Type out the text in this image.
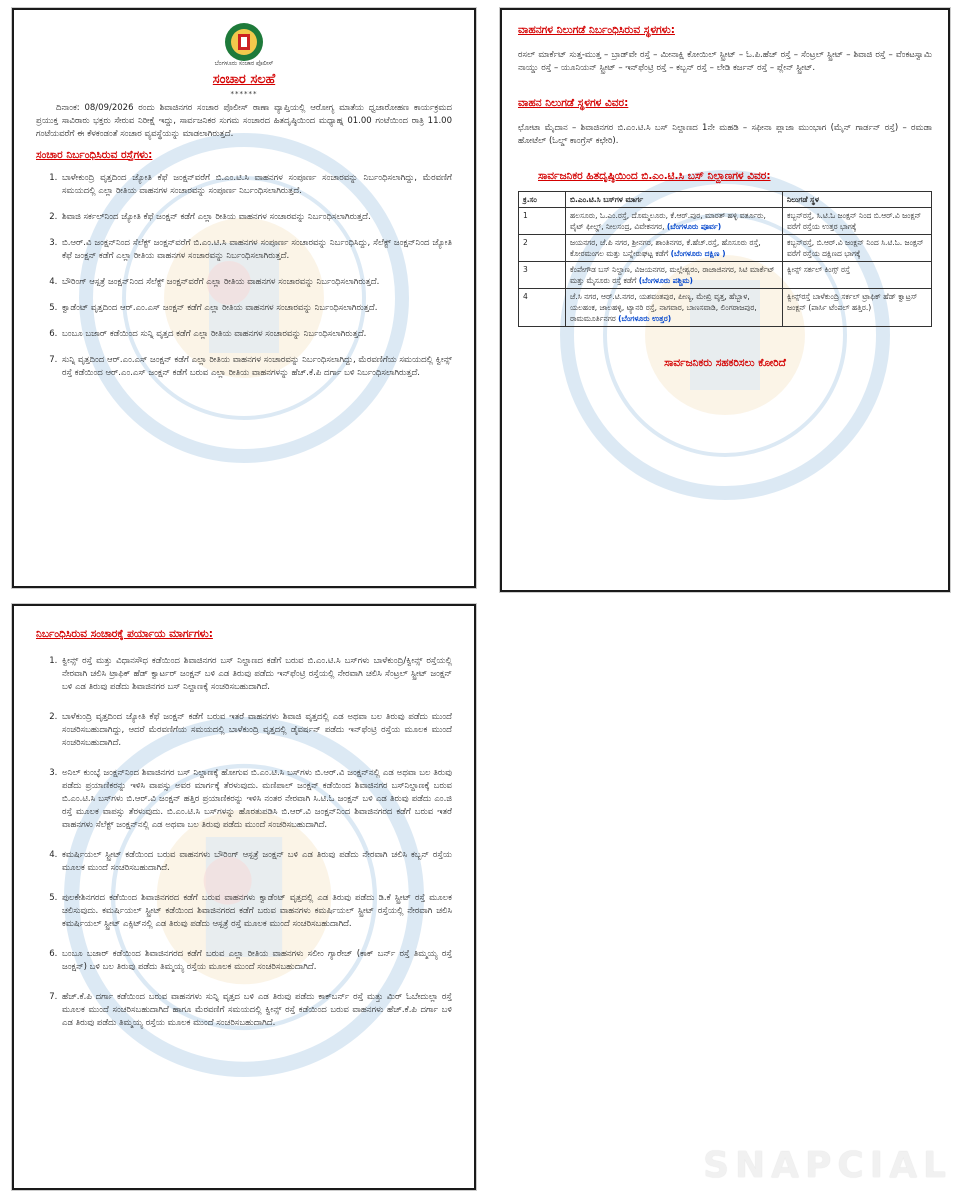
ಬೆಂಗಳೂರು ಸಂಚಾರ ಪೊಲೀಸ್
ಸಂಚಾರ ಸಲಹೆ
******

ದಿನಾಂಕ: 08/09/2026 ರಂದು ಶಿವಾಜಿನಗರ ಸಂಚಾರ ಪೊಲೀಸ್ ಠಾಣಾ ವ್ಯಾಪ್ತಿಯಲ್ಲಿ ಆರೋಗ್ಯ ಮಾತೆಯ ಧ್ವಜಾರೋಹಣ ಕಾರ್ಯಕ್ರಮದ ಪ್ರಯುಕ್ತ ಸಾವಿರಾರು ಭಕ್ತರು ಸೇರುವ ನಿರೀಕ್ಷೆ ಇದ್ದು, ಸಾರ್ವಜನಿಕರ ಸುಗಮ ಸಂಚಾರದ ಹಿತದೃಷ್ಠಿಯಿಂದ ಮಧ್ಯಾಹ್ನ 01.00 ಗಂಟೆಯಿಂದ ರಾತ್ರಿ 11.00 ಗಂಟೆಯವರೆಗೆ ಈ ಕೆಳಕಂಡಂತೆ ಸಂಚಾರ ವ್ಯವಸ್ಥೆಯನ್ನು ಮಾಡಲಾಗಿರುತ್ತದೆ.

ಸಂಚಾರ ನಿರ್ಬಂಧಿಸಿರುವ ರಸ್ತೆಗಳು:
1. ಬಾಳೇಕುಂದ್ರಿ ವೃತ್ತದಿಂದ ಜ್ಯೋತಿ ಕೆಫೆ ಜಂಕ್ಷನ್‌ವರೆಗೆ ಬಿ.ಎಂ.ಟಿ.ಸಿ ವಾಹನಗಳ ಸಂಪೂರ್ಣ ಸಂಚಾರವನ್ನು ನಿರ್ಬಂಧಿಸಲಾಗಿದ್ದು, ಮೆರವಣಿಗೆ ಸಮಯದಲ್ಲಿ ಎಲ್ಲಾ ರೀತಿಯ ವಾಹನಗಳ ಸಂಚಾರವನ್ನು ಸಂಪೂರ್ಣ ನಿರ್ಬಂಧಿಸಲಾಗಿರುತ್ತದೆ.
2. ಶಿವಾಜಿ ಸರ್ಕಲ್‌ನಿಂದ ಜ್ಯೋತಿ ಕೆಫೆ ಜಂಕ್ಷನ್ ಕಡೆಗೆ ಎಲ್ಲಾ ರೀತಿಯ ವಾಹನಗಳ ಸಂಚಾರವನ್ನು ನಿರ್ಬಂಧಿಸಲಾಗಿರುತ್ತದೆ.
3. ಬಿ.ಆರ್.ವಿ ಜಂಕ್ಷನ್‌ನಿಂದ ಸೆಲೆಕ್ಟ್ ಜಂಕ್ಷನ್‌ವರೆಗೆ ಬಿ.ಎಂ.ಟಿ.ಸಿ ವಾಹನಗಳ ಸಂಪೂರ್ಣ ಸಂಚಾರವನ್ನು ನಿರ್ಬಂಧಿಸಿದ್ದು, ಸೆಲೆಕ್ಟ್ ಜಂಕ್ಷನ್‌ನಿಂದ ಜ್ಯೋತಿ ಕೆಫೆ ಜಂಕ್ಷನ್ ಕಡೆಗೆ ಎಲ್ಲಾ ರೀತಿಯ ವಾಹನಗಳ ಸಂಚಾರವನ್ನು ನಿರ್ಬಂಧಿಸಲಾಗಿರುತ್ತದೆ.
4. ಬೌರಿಂಗ್ ಆಸ್ಪತ್ರೆ ಜಂಕ್ಷನ್‌ನಿಂದ ಸೆಲೆಕ್ಟ್ ಜಂಕ್ಷನ್‌ವರೆಗೆ ಎಲ್ಲಾ ರೀತಿಯ ವಾಹನಗಳ ಸಂಚಾರವನ್ನು ನಿರ್ಬಂಧಿಸಲಾಗಿರುತ್ತದೆ.
5. ಕ್ವಾಡೆಂಟ್ ವೃತ್ತದಿಂದ ಆರ್.ಎಂ.ಎಸ್ ಜಂಕ್ಷನ್ ಕಡೆಗೆ ಎಲ್ಲಾ ರೀತಿಯ ವಾಹನಗಳ ಸಂಚಾರವನ್ನು ನಿರ್ಬಂಧಿಸಲಾಗಿರುತ್ತದೆ.
6. ಬಂಬೂ ಬಜಾರ್ ಕಡೆಯಿಂದ ಸುನ್ನಿ ವೃತ್ತದ ಕಡೆಗೆ ಎಲ್ಲಾ ರೀತಿಯ ವಾಹನಗಳ ಸಂಚಾರವನ್ನು ನಿರ್ಬಂಧಿಸಲಾಗಿರುತ್ತದೆ.
7. ಸುನ್ನಿ ವೃತ್ತದಿಂದ ಆರ್.ಎಂ.ಎಸ್ ಜಂಕ್ಷನ್ ಕಡೆಗೆ ಎಲ್ಲಾ ರೀತಿಯ ವಾಹನಗಳ ಸಂಚಾರವನ್ನು ನಿರ್ಬಂಧಿಸಲಾಗಿದ್ದು, ಮೆರವಣಿಗೆಯ ಸಮಯದಲ್ಲಿ ಕ್ವೀನ್ಸ್ ರಸ್ತೆ ಕಡೆಯಿಂದ ಆರ್.ಎಂ.ಎಸ್ ಜಂಕ್ಷನ್ ಕಡೆಗೆ ಬರುವ ಎಲ್ಲಾ ರೀತಿಯ ವಾಹನಗಳನ್ನು ಹೆಚ್.ಕೆ.ಪಿ ದರ್ಗಾ ಬಳಿ ನಿರ್ಬಂಧಿಸಲಾಗಿರುತ್ತದೆ.
ವಾಹನಗಳ ನಿಲುಗಡೆ ನಿರ್ಬಂಧಿಸಿರುವ ಸ್ಥಳಗಳು:

ರಸಲ್ ಮಾರ್ಕೆಟ್ ಸುತ್ತ-ಮುತ್ತ – ಬ್ರಾಡ್‌ವೇ ರಸ್ತೆ – ಮೀನಾಕ್ಷಿ ಕೋಯಿಲ್ ಸ್ಟ್ರೀಟ್ – ಓ.ಪಿ.ಹೆಚ್ ರಸ್ತೆ – ಸೆಂಟ್ರಲ್ ಸ್ಟ್ರೀಟ್ – ಶಿವಾಜಿ ರಸ್ತೆ – ವೆಂಕಟಸ್ವಾಮಿ ನಾಯ್ಡು ರಸ್ತೆ – ಯೂನಿಯನ್ ಸ್ಟ್ರೀಟ್ – ಇನ್‌ಫೆಂಟ್ರಿ ರಸ್ತೆ – ಕಬ್ಬನ್ ರಸ್ತೆ – ಲೇಡಿ ಕರ್ಜನ್ ರಸ್ತೆ – ಪ್ಲೇನ್ ಸ್ಟ್ರೀಟ್.

ವಾಹನ ನಿಲುಗಡೆ ಸ್ಥಳಗಳ ವಿವರ:

ಛೋಟಾ ಮೈದಾನ – ಶಿವಾಜಿನಗರ ಬಿ.ಎಂ.ಟಿ.ಸಿ ಬಸ್ ನಿಲ್ದಾಣದ 1ನೇ ಮಹಡಿ – ಸಫೀನಾ ಪ್ಲಾಜಾ ಮುಂಭಾಗ (ಮೈನ್ ಗಾರ್ಡನ್ ರಸ್ತೆ) – ರಮಡಾ ಹೋಟೆಲ್ (ಓಲ್ಡ್ ಕಾಂಗ್ರೆಸ್ ಕಛೇರಿ).

ಸಾರ್ವಜನಿಕರ ಹಿತದೃಷ್ಠಿಯಿಂದ ಬಿ.ಎಂ.ಟಿ.ಸಿ ಬಸ್ ನಿಲ್ದಾಣಗಳ ವಿವರ:
ಕ್ರ.ಸಂ	ಬಿ.ಎಂ.ಟಿ.ಸಿ ಬಸ್‌ಗಳ ಮಾರ್ಗ	ನಿಲುಗಡೆ ಸ್ಥಳ
1	ಹಲಸೂರು, ಓ.ಎಂ.ರಸ್ತೆ, ದೊಮ್ಮಲೂರು, ಕೆ.ಆರ್.ಪುರ, ಮಾರತ್ ಹಳ್ಳಿ ವರ್ತೂರು, ವೈಟ್ ಫೀಲ್ಡ್, ನೀಲಸಂದ್ರ, ವಿವೇಕನಗರ, (ಬೆಂಗಳೂರು ಪೂರ್ವ)	ಕಬ್ಬನ್‌ರಸ್ತೆ, ಸಿ.ಟಿ.ಓ ಜಂಕ್ಷನ್ ನಿಂದ ಬಿ.ಆರ್.ವಿ ಜಂಕ್ಷನ್ ವರೆಗೆ ರಸ್ತೆಯ ಉತ್ತರ ಭಾಗಕ್ಕೆ
2	ಜಯನಗರ, ಜೆ.ಪಿ ನಗರ, ಶ್ರೀನಗರ, ಶಾಂತಿನಗರ, ಕೆ.ಹೆಚ್.ರಸ್ತೆ, ಹೊಸೂರು ರಸ್ತೆ, ಕೋರಮಂಗಲ ಮತ್ತು ಬನ್ನೇರುಘಟ್ಟ ಕಡೆಗೆ (ಬೆಂಗಳೂರು ದಕ್ಷಿಣ )	ಕಬ್ಬನ್‌ರಸ್ತೆ, ಬಿ.ಆರ್.ವಿ ಜಂಕ್ಷನ್ ನಿಂದ ಸಿ.ಟಿ.ಓ. ಜಂಕ್ಷನ್ ವರೆಗೆ ರಸ್ತೆಯ ದಕ್ಷಿಣದ ಭಾಗಕ್ಕೆ
3	ಕೆಂಪೇಗೌಡ ಬಸ್ ನಿಲ್ದಾಣ, ವಿಜಯನಗರ, ಮಲ್ಲೇಶ್ವರಂ, ರಾಜಾಜಿನಗರ, ಸಿಟಿ ಮಾರ್ಕೆಟ್ ಮತ್ತು ಮೈಸೂರು ರಸ್ತೆ ಕಡೆಗೆ (ಬೆಂಗಳೂರು ಪಶ್ಚಿಮ)	ಕ್ವೀನ್ಸ್ ಸರ್ಕಲ್ ಕಿಂಗ್ಸ್ ರಸ್ತೆ
4	ಜೆ.ಸಿ ನಗರ, ಆರ್.ಟಿ.ನಗರ, ಯಶವಂತಪುರ, ಪೀಣ್ಯ, ಮೇಖ್ರಿ ವೃತ್ತ, ಹೆಬ್ಬಾಳ, ಯಲಹಂಕ, ಜಾಲಹಳ್ಳಿ, ಟ್ಯಾನರಿ ರಸ್ತೆ, ನಾಗವಾರ, ಬಾಣಸವಾಡಿ, ಲಿಂಗರಾಜಪುರ, ರಾಮಮೂರ್ತಿನಗರ (ಬೆಂಗಳೂರು ಉತ್ತರ)	ಕ್ವೀನ್ಸ್‌ರಸ್ತೆ ಬಾಳೆಕುಂದ್ರಿ ಸರ್ಕಲ್ ಟ್ರಾಫಿಕ್ ಹೆಡ್ ಕ್ವಾಟ್ರಸ್ ಜಂಕ್ಷನ್ (ಪಾರ್ಸಿ ಟೆಂಪಲ್ ಹತ್ತಿರ.)
ಸಾರ್ವಜನಿಕರು ಸಹಕರಿಸಲು ಕೋರಿದೆ
ನಿರ್ಬಂಧಿಸಿರುವ ಸಂಚಾರಕ್ಕೆ ಪರ್ಯಾಯ ಮಾರ್ಗಗಳು:
1. ಕ್ವೀನ್ಸ್ ರಸ್ತೆ ಮತ್ತು ವಿಧಾನಸೌಧ ಕಡೆಯಿಂದ ಶಿವಾಜಿನಗರ ಬಸ್ ನಿಲ್ದಾಣದ ಕಡೆಗೆ ಬರುವ ಬಿ.ಎಂ.ಟಿ.ಸಿ ಬಸ್‌ಗಳು ಬಾಳೆಕುಂದ್ರಿ/ಕ್ವೀನ್ಸ್ ರಸ್ತೆಯಲ್ಲಿ ನೇರವಾಗಿ ಚಲಿಸಿ ಟ್ರಾಫಿಕ್ ಹೆಡ್ ಕ್ವಾರ್ಟರ್ ಜಂಕ್ಷನ್ ಬಳಿ ಎಡ ತಿರುವು ಪಡೆದು ಇನ್‌ಫೆಂಟ್ರಿ ರಸ್ತೆಯಲ್ಲಿ ನೇರವಾಗಿ ಚಲಿಸಿ ಸೆಂಟ್ರಲ್ ಸ್ಟ್ರೀಟ್ ಜಂಕ್ಷನ್ ಬಳಿ ಎಡ ತಿರುವು ಪಡೆದು ಶಿವಾಜಿನಗರ ಬಸ್ ನಿಲ್ದಾಣಕ್ಕೆ ಸಂಚರಿಸಬಹುದಾಗಿದೆ.
2. ಬಾಳೆಕುಂದ್ರಿ ವೃತ್ತದಿಂದ ಜ್ಯೋತಿ ಕೆಫೆ ಜಂಕ್ಷನ್ ಕಡೆಗೆ ಬರುವ ಇತರೆ ವಾಹನಗಳು ಶಿವಾಜಿ ವೃತ್ತದಲ್ಲಿ ಎಡ ಅಥವಾ ಬಲ ತಿರುವು ಪಡೆದು ಮುಂದೆ ಸಂಚರಿಸಬಹುದಾಗಿದ್ದು, ಆದರೆ ಮೆರವಣಿಗೆಯ ಸಮಯದಲ್ಲಿ ಬಾಳೆಕುಂದ್ರಿ ವೃತ್ತದಲ್ಲಿ ಡೈವರ್ಷನ್ ಪಡೆದು ಇನ್‌ಫೆಂಟ್ರಿ ರಸ್ತೆಯ ಮೂಲಕ ಮುಂದೆ ಸಂಚರಿಸಬಹುದಾಗಿದೆ.
3. ಅನಿಲ್ ಕುಂಬ್ಳೆ ಜಂಕ್ಷನ್‌ನಿಂದ ಶಿವಾಜಿನಗರ ಬಸ್ ನಿಲ್ದಾಣಕ್ಕೆ ಹೋಗುವ ಬಿ.ಎಂ.ಟಿ.ಸಿ ಬಸ್‌ಗಳು ಬಿ.ಆರ್.ವಿ ಜಂಕ್ಷನ್‌ನಲ್ಲಿ ಎಡ ಅಥವಾ ಬಲ ತಿರುವು ಪಡೆದು ಪ್ರಯಾಣಿಕರನ್ನು ಇಳಿಸಿ ವಾಪಸ್ಸು ಅವರ ಮಾರ್ಗಕ್ಕೆ ತೆರಳುವುದು. ಮಣಿಪಾಲ್ ಜಂಕ್ಷನ್ ಕಡೆಯಿಂದ ಶಿವಾಜಿನಗರ ಬಸ್‌ನಿಲ್ದಾಣಕ್ಕೆ ಬರುವ ಬಿ.ಎಂ.ಟಿ.ಸಿ ಬಸ್‌ಗಳು ಬಿ.ಆರ್.ವಿ ಜಂಕ್ಷನ್ ಹತ್ತಿರ ಪ್ರಯಾಣಿಕರನ್ನು ಇಳಿಸಿ ನಂತರ ನೇರವಾಗಿ ಸಿ.ಟಿ.ಓ ಜಂಕ್ಷನ್ ಬಳಿ ಎಡ ತಿರುವು ಪಡೆದು ಎಂ.ಜಿ ರಸ್ತೆ ಮೂಲಕ ವಾಪಸ್ಸು ತೆರಳುವುದು. ಬಿ.ಎಂ.ಟಿ.ಸಿ ಬಸ್‌ಗಳನ್ನು ಹೊರತುಪಡಿಸಿ ಬಿ.ಆರ್.ವಿ ಜಂಕ್ಷನ್‌ನಿಂದ ಶಿವಾಜಿನಗರದ ಕಡೆಗೆ ಬರುವ ಇತರೆ ವಾಹನಗಳು ಸೆಲೆಕ್ಟ್ ಜಂಕ್ಷನ್‌ನಲ್ಲಿ ಎಡ ಅಥವಾ ಬಲ ತಿರುವು ಪಡೆದು ಮುಂದೆ ಸಂಚರಿಸಬಹುದಾಗಿದೆ.
4. ಕಮರ್ಷಿಯಲ್ ಸ್ಟ್ರೀಟ್ ಕಡೆಯಿಂದ ಬರುವ ವಾಹನಗಳು ಬೌರಿಂಗ್ ಆಸ್ಪತ್ರೆ ಜಂಕ್ಷನ್ ಬಳಿ ಎಡ ತಿರುವು ಪಡೆದು ನೇರವಾಗಿ ಚಲಿಸಿ ಕಬ್ಬನ್ ರಸ್ತೆಯ ಮೂಲಕ ಮುಂದೆ ಸಂಚರಿಸಬಹುದಾಗಿದೆ.
5. ಪುಲಕೇಶಿನಗರದ ಕಡೆಯಿಂದ ಶಿವಾಜಿನಗರದ ಕಡೆಗೆ ಬರುವ ವಾಹನಗಳು ಕ್ವಾಡೆಂಟ್ ವೃತ್ತದಲ್ಲಿ ಎಡ ತಿರುವು ಪಡೆದು ಡಿ.ಕೆ ಸ್ಟ್ರೀಟ್ ರಸ್ತೆ ಮೂಲಕ ಚಲಿಸುವುದು. ಕಮರ್ಷಿಯಲ್ ಸ್ಟ್ರೀಟ್ ಕಡೆಯಿಂದ ಶಿವಾಜಿನಗರದ ಕಡೆಗೆ ಬರುವ ವಾಹನಗಳು ಕಮರ್ಷಿಯಲ್ ಸ್ಟ್ರೀಟ್ ರಸ್ತೆಯಲ್ಲಿ ನೇರವಾಗಿ ಚಲಿಸಿ ಕಮರ್ಷಿಯಲ್ ಸ್ಟ್ರೀಟ್ ಎಕ್ಸಿಟ್‌ನಲ್ಲಿ ಎಡ ತಿರುವು ಪಡೆದು ಆಸ್ಪತ್ರೆ ರಸ್ತೆ ಮೂಲಕ ಮುಂದೆ ಸಂಚರಿಸಬಹುದಾಗಿದೆ.
6. ಬಂಬೂ ಬಜಾರ್ ಕಡೆಯಿಂದ ಶಿವಾಜಿನಗರದ ಕಡೆಗೆ ಬರುವ ಎಲ್ಲಾ ರೀತಿಯ ವಾಹನಗಳು ಸಲೀಂ ಗ್ಯಾರೇಜ್ (ಕಾಕ್ ಬರ್ನ್ ರಸ್ತೆ ತಿಮ್ಮಯ್ಯ ರಸ್ತೆ ಜಂಕ್ಷನ್) ಬಳಿ ಬಲ ತಿರುವು ಪಡೆದು ತಿಮ್ಮಯ್ಯ ರಸ್ತೆಯ ಮೂಲಕ ಮುಂದೆ ಸಂಚರಿಸಬಹುದಾಗಿದೆ.
7. ಹೆಚ್.ಕೆ.ಪಿ ದರ್ಗಾ ಕಡೆಯಿಂದ ಬರುವ ವಾಹನಗಳು ಸುನ್ನಿ ವೃತ್ತದ ಬಳಿ ಎಡ ತಿರುವು ಪಡೆದು ಕಾಕ್‌ಬರ್ನ್ ರಸ್ತೆ ಮತ್ತು ಮಿರ್ ಓಬೇದುಲ್ಲಾ ರಸ್ತೆ ಮೂಲಕ ಮುಂದೆ ಸಂಚರಿಸಬಹುದಾಗಿದೆ ಹಾಗೂ ಮೆರವಣಿಗೆ ಸಮಯದಲ್ಲಿ ಕ್ವೀನ್ಸ್ ರಸ್ತೆ ಕಡೆಯಿಂದ ಬರುವ ವಾಹನಗಳು ಹೆಚ್.ಕೆ.ಪಿ ದರ್ಗಾ ಬಳಿ ಎಡ ತಿರುವು ಪಡೆದು ತಿಮ್ಮಯ್ಯ ರಸ್ತೆಯ ಮೂಲಕ ಮುಂದೆ ಸಂಚರಿಸಬಹುದಾಗಿದೆ.
SNAPCIAL
